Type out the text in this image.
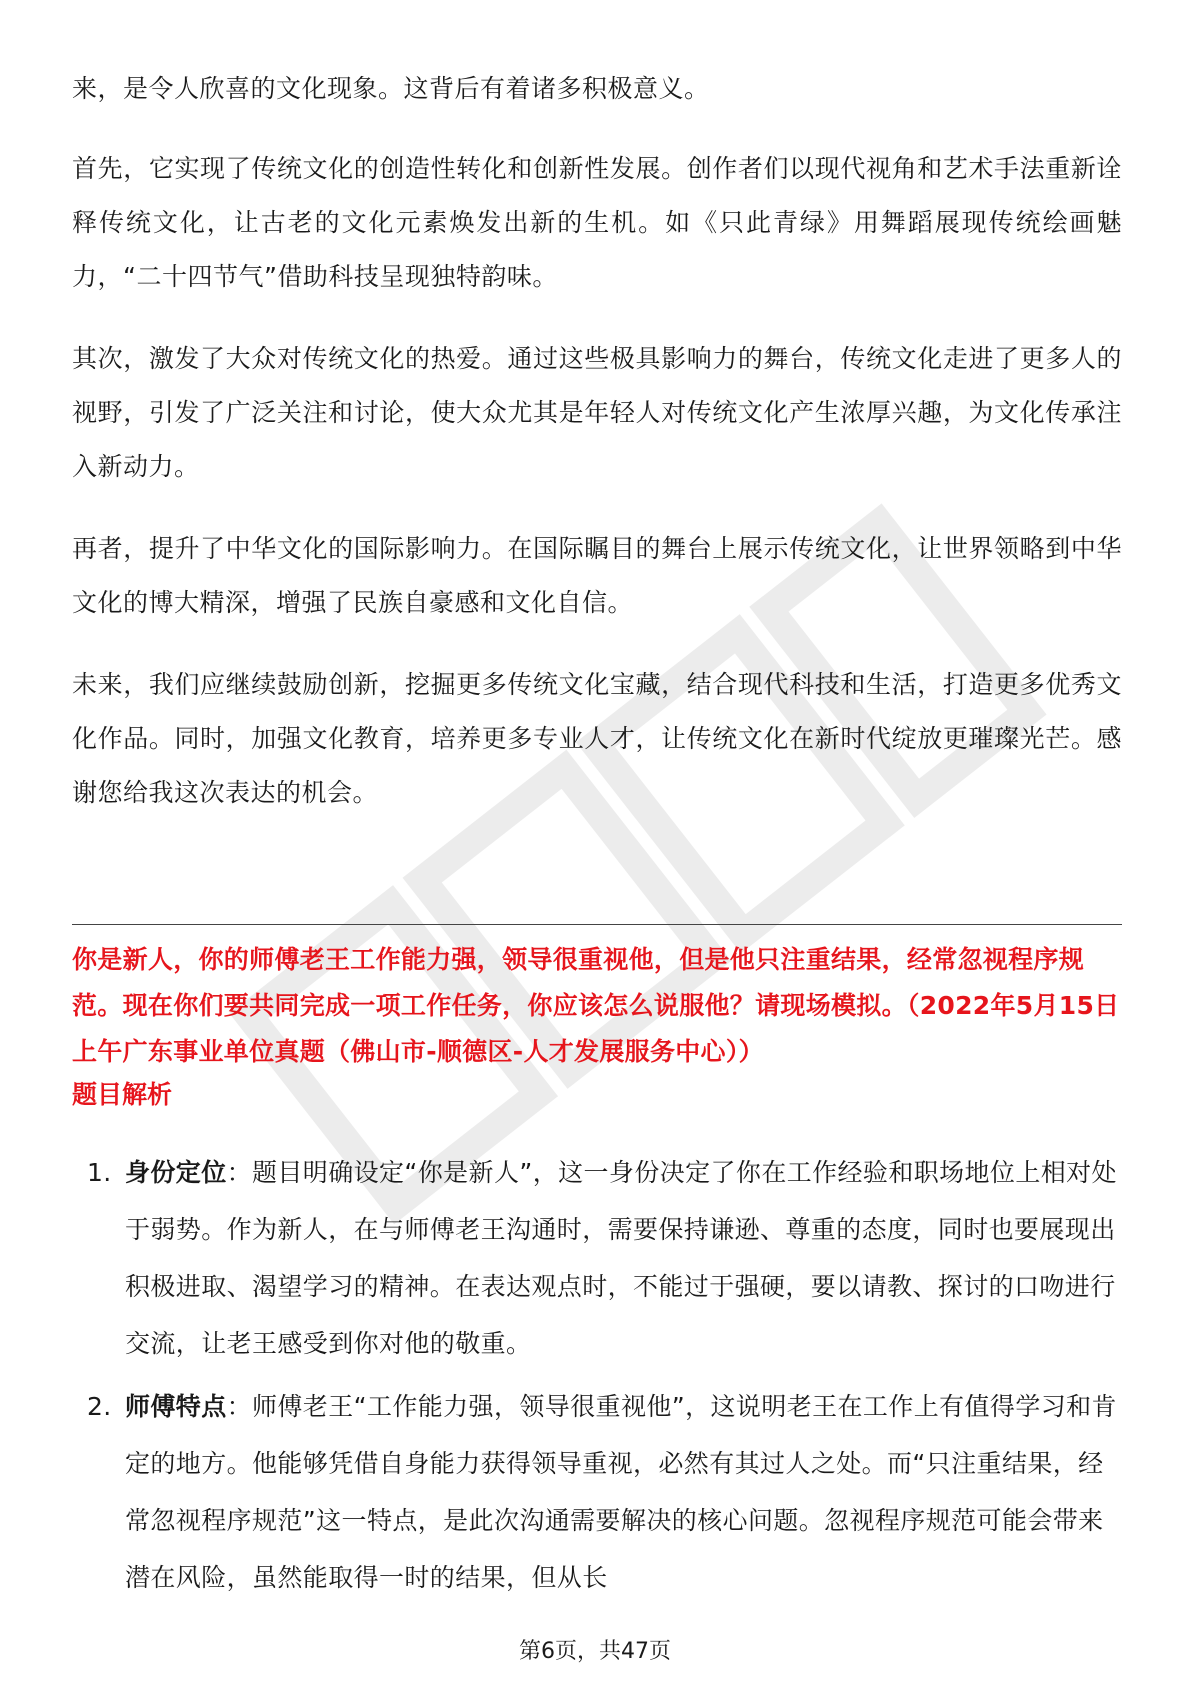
来，是令人欣喜的文化现象。这背后有着诸多积极意义。

首先，它实现了传统文化的创造性转化和创新性发展。创作者们以现代视角和艺术手法重新诠释传统文化，让古老的文化元素焕发出新的生机。如《只此青绿》用舞蹈展现传统绘画魅力，“二十四节气”借助科技呈现独特韵味。

其次，激发了大众对传统文化的热爱。通过这些极具影响力的舞台，传统文化走进了更多人的视野，引发了广泛关注和讨论，使大众尤其是年轻人对传统文化产生浓厚兴趣，为文化传承注入新动力。

再者，提升了中华文化的国际影响力。在国际瞩目的舞台上展示传统文化，让世界领略到中华文化的博大精深，增强了民族自豪感和文化自信。

未来，我们应继续鼓励创新，挖掘更多传统文化宝藏，结合现代科技和生活，打造更多优秀文化作品。同时，加强文化教育，培养更多专业人才，让传统文化在新时代绽放更璀璨光芒。感谢您给我这次表达的机会。

你是新人，你的师傅老王工作能力强，领导很重视他，但是他只注重结果，经常忽视程序规范。现在你们要共同完成一项工作任务，你应该怎么说服他？请现场模拟。（2022年5月15日上午广东事业单位真题（佛山市-顺德区-人才发展服务中心））

题目解析

1. 身份定位：题目明确设定“你是新人”，这一身份决定了你在工作经验和职场地位上相对处于弱势。作为新人，在与师傅老王沟通时，需要保持谦逊、尊重的态度，同时也要展现出积极进取、渴望学习的精神。在表达观点时，不能过于强硬，要以请教、探讨的口吻进行交流，让老王感受到你对他的敬重。
2. 师傅特点：师傅老王“工作能力强，领导很重视他”，这说明老王在工作上有值得学习和肯定的地方。他能够凭借自身能力获得领导重视，必然有其过人之处。而“只注重结果，经常忽视程序规范”这一特点，是此次沟通需要解决的核心问题。忽视程序规范可能会带来潜在风险，虽然能取得一时的结果，但从长
第6页，共47页
